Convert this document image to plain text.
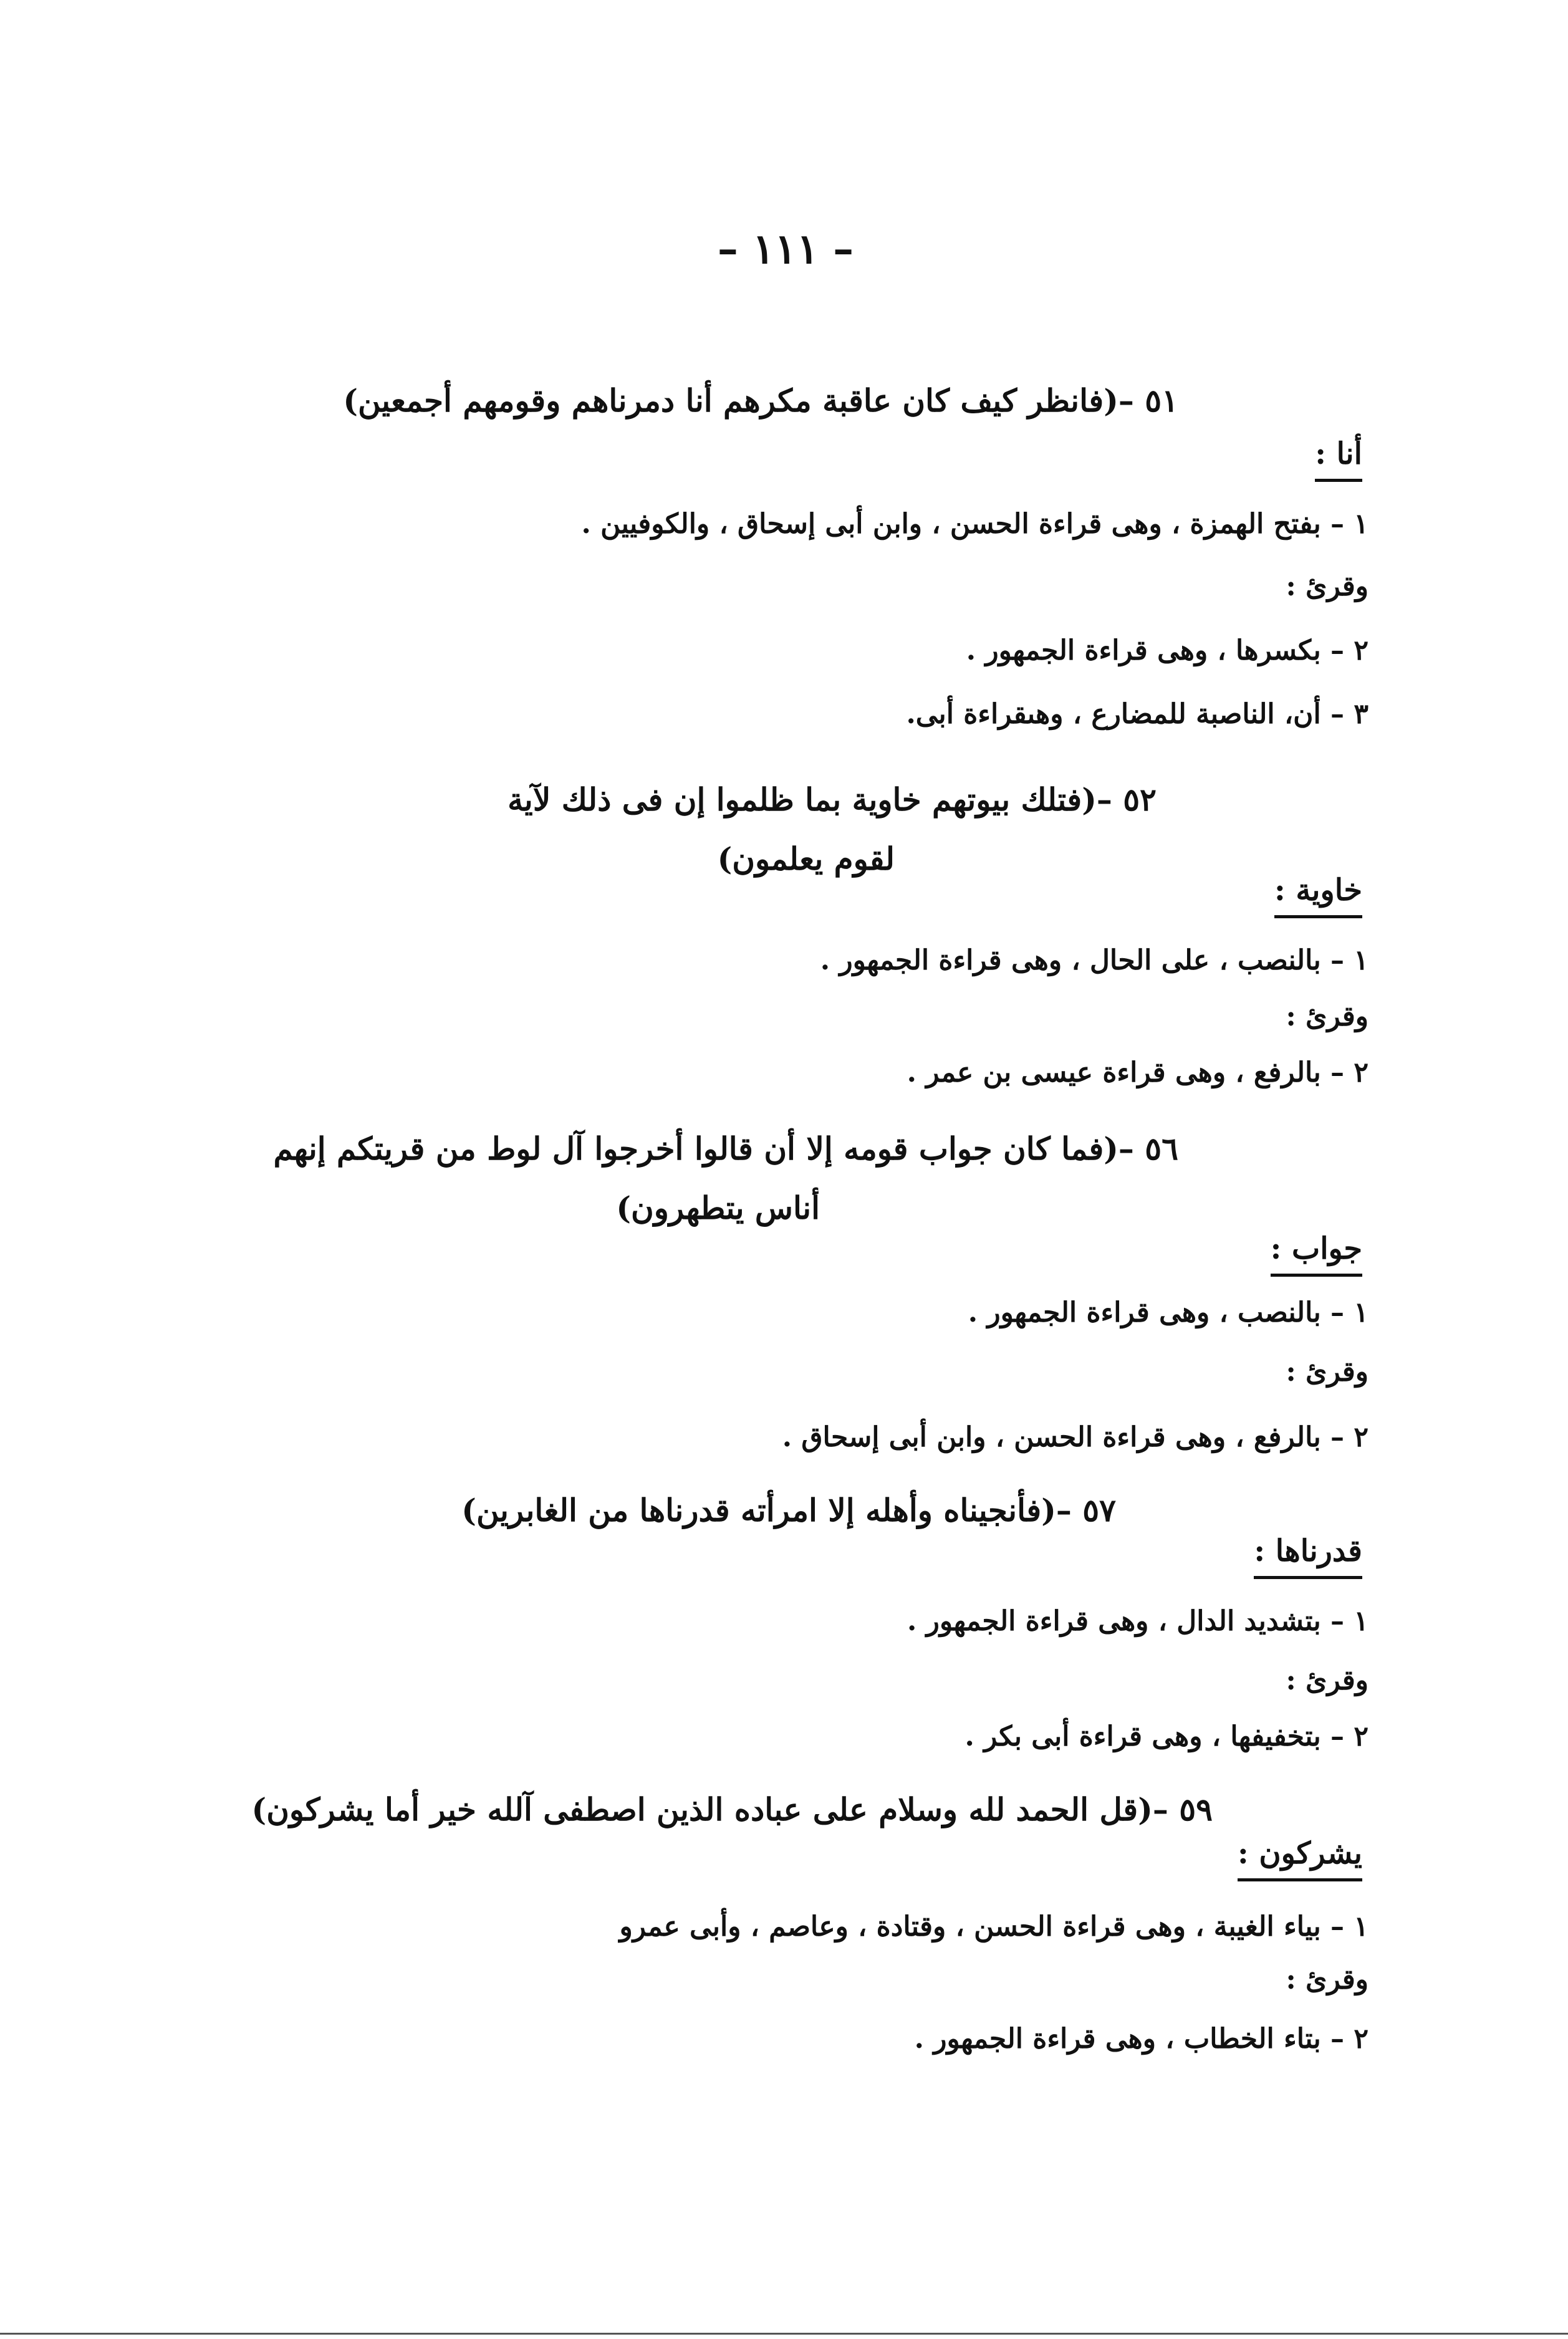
– ١١١ –
٥١ –(فانظر كيف كان عاقبة مكرهم أنا دمرناهم وقومهم أجمعين)
أنا :
١ – بفتح الهمزة ، وهى قراءة الحسن ، وابن أبى إسحاق ، والكوفيين .
وقرئ :
٢ – بكسرها ، وهى قراءة الجمهور .
٣ – أن، الناصبة للمضارع ، وهىقراءة أبى.
٥٢ –(فتلك بيوتهم خاوية بما ظلموا إن فى ذلك لآية
لقوم يعلمون)
خاوية :
١ – بالنصب ، على الحال ، وهى قراءة الجمهور .
وقرئ :
٢ – بالرفع ، وهى قراءة عيسى بن عمر .
٥٦ –(فما كان جواب قومه إلا أن قالوا أخرجوا آل لوط من قريتكم إنهم
أناس يتطهرون)
جواب :
١ – بالنصب ، وهى قراءة الجمهور .
وقرئ :
٢ – بالرفع ، وهى قراءة الحسن ، وابن أبى إسحاق .
٥٧ –(فأنجيناه وأهله إلا امرأته قدرناها من الغابرين)
قدرناها :
١ – بتشديد الدال ، وهى قراءة الجمهور .
وقرئ :
٢ – بتخفيفها ، وهى قراءة أبى بكر .
٥٩ –(قل الحمد لله وسلام على عباده الذين اصطفى آلله خير أما يشركون)
يشركون :
١ – بياء الغيبة ، وهى قراءة الحسن ، وقتادة ، وعاصم ، وأبى عمرو
وقرئ :
٢ – بتاء الخطاب ، وهى قراءة الجمهور .
